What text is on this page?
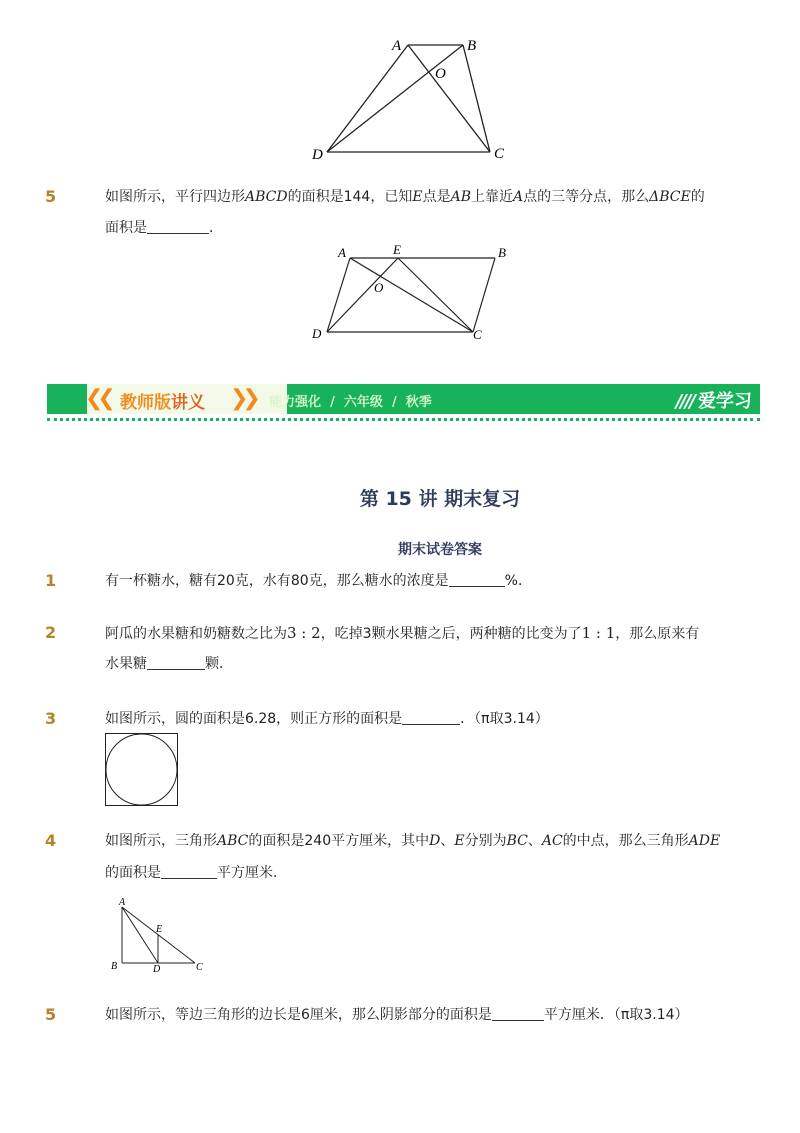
A	B
O
D	C
5	如图所示，平行四边形ABCD的面积是144，已知E点是AB上靠近A点的三等分点，那么ΔBCE的
面积是	．
A	E	B
O
D	C
❮❮ 教师版讲义 ❯❯ 能力强化 / 六年级 / 秋季	//// 爱学习
第 15 讲 期末复习
期末试卷答案
1	有一杯糖水，糖有20克，水有80克，那么糖水的浓度是	%．
2	阿瓜的水果糖和奶糖数之比为3 : 2，吃掉3颗水果糖之后，两种糖的比变为了1 : 1，那么原来有
水果糖	颗．
3	如图所示，圆的面积是6.28，则正方形的面积是	．（π取3.14）
4	如图所示，三角形ABC的面积是240平方厘米，其中D、E分别为BC、AC的中点，那么三角形ADE
的面积是	平方厘米．
A
E
B	D	C
5	如图所示，等边三角形的边长是6厘米，那么阴影部分的面积是	平方厘米．（π取3.14）
